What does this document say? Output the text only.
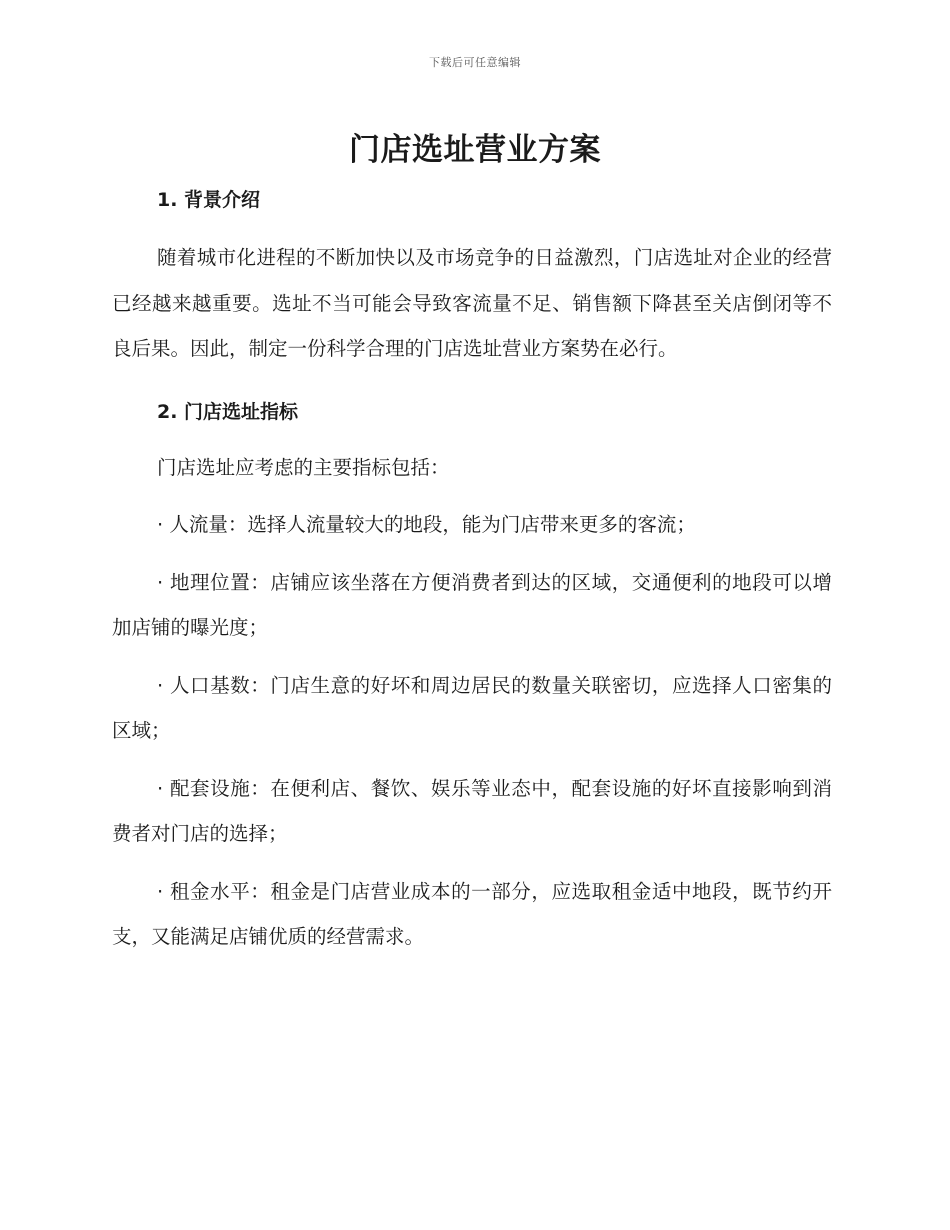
下载后可任意编辑
门店选址营业方案
1. 背景介绍

随着城市化进程的不断加快以及市场竞争的日益激烈，门店选址对企业的经营已经越来越重要。选址不当可能会导致客流量不足、销售额下降甚至关店倒闭等不良后果。因此，制定一份科学合理的门店选址营业方案势在必行。

2. 门店选址指标

门店选址应考虑的主要指标包括：

· 人流量：选择人流量较大的地段，能为门店带来更多的客流；

· 地理位置：店铺应该坐落在方便消费者到达的区域，交通便利的地段可以增加店铺的曝光度；

· 人口基数：门店生意的好坏和周边居民的数量关联密切，应选择人口密集的区域；

· 配套设施：在便利店、餐饮、娱乐等业态中，配套设施的好坏直接影响到消费者对门店的选择；

· 租金水平：租金是门店营业成本的一部分，应选取租金适中地段，既节约开支，又能满足店铺优质的经营需求。
